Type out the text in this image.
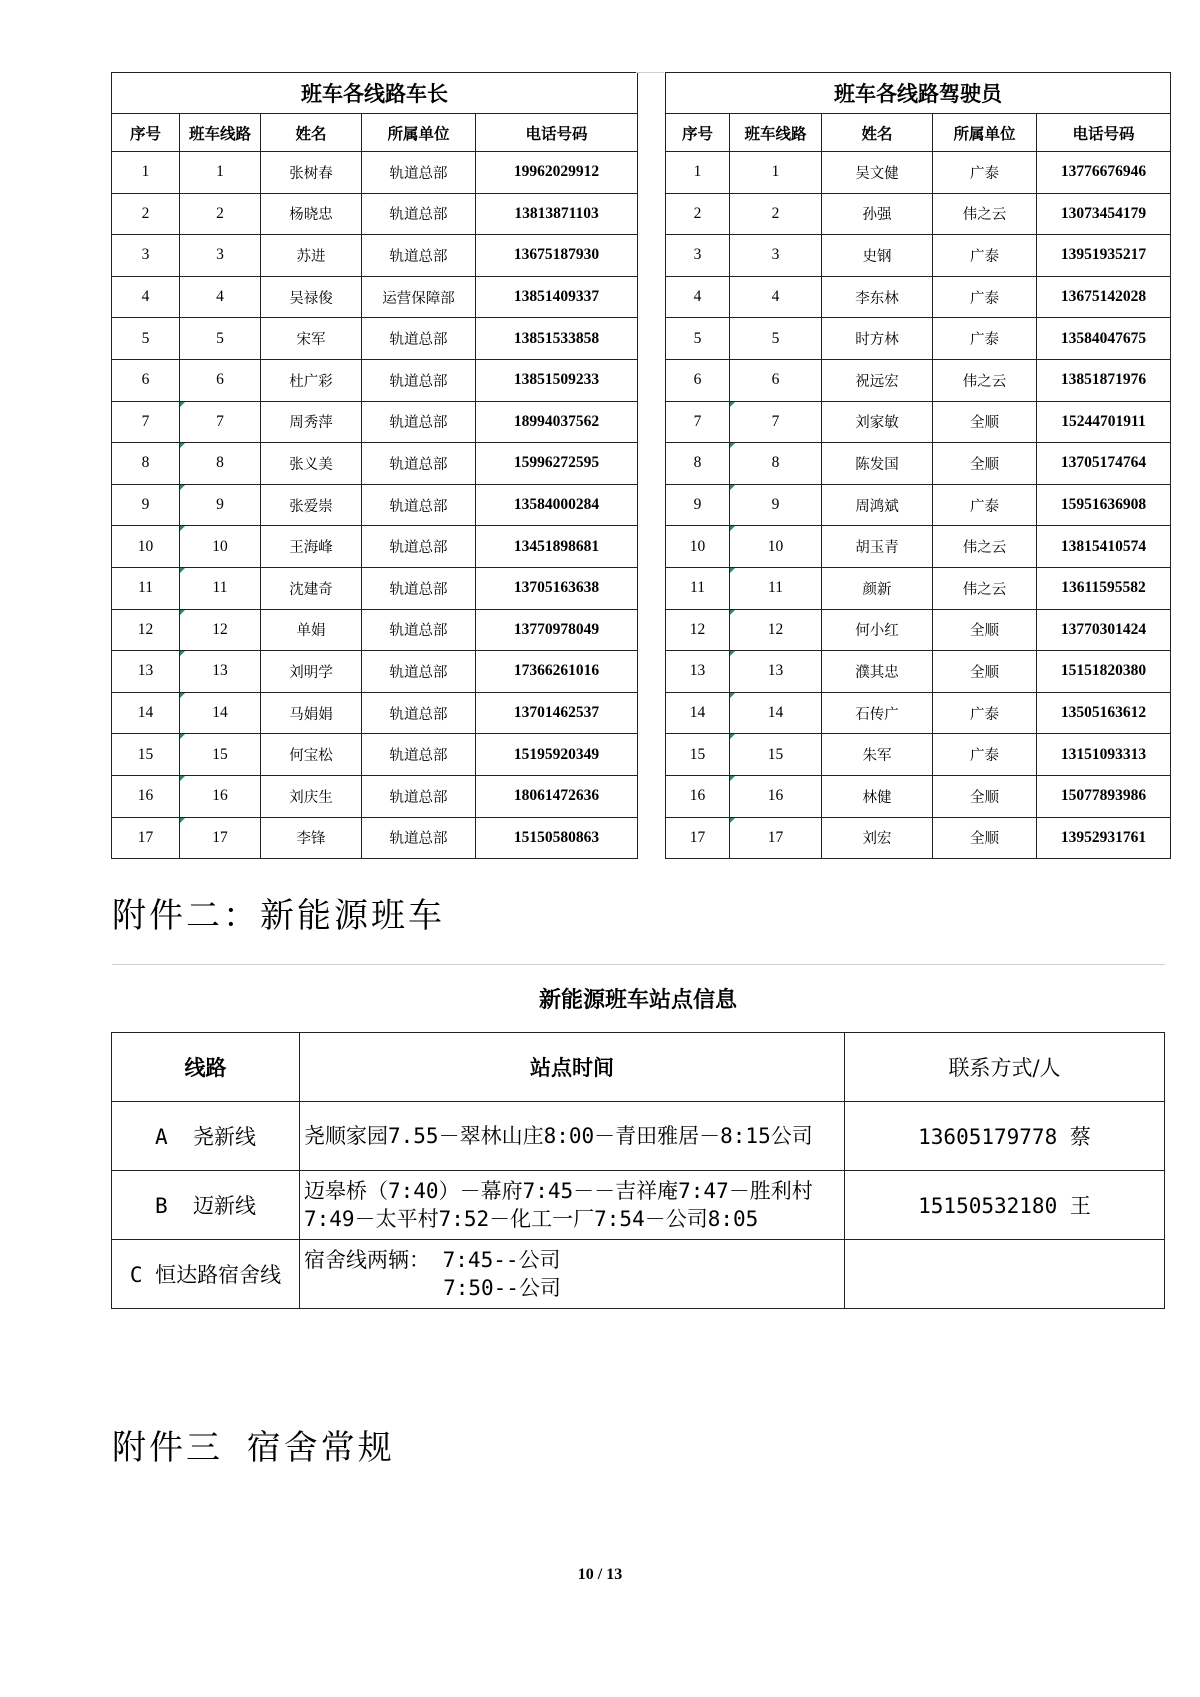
班车各线路车长				
序号	班车线路	姓名	所属单位	电话号码
1	1	张树春	轨道总部	19962029912
2	2	杨晓忠	轨道总部	13813871103
3	3	苏进	轨道总部	13675187930
4	4	吴禄俊	运营保障部	13851409337
5	5	宋军	轨道总部	13851533858
6	6	杜广彩	轨道总部	13851509233
7	7	周秀萍	轨道总部	18994037562
8	8	张义美	轨道总部	15996272595
9	9	张爱崇	轨道总部	13584000284
10	10	王海峰	轨道总部	13451898681
11	11	沈建奇	轨道总部	13705163638
12	12	单娟	轨道总部	13770978049
13	13	刘明学	轨道总部	17366261016
14	14	马娟娟	轨道总部	13701462537
15	15	何宝松	轨道总部	15195920349
16	16	刘庆生	轨道总部	18061472636
17	17	李锋	轨道总部	15150580863
班车各线路驾驶员				
序号	班车线路	姓名	所属单位	电话号码
1	1	吴文健	广泰	13776676946
2	2	孙强	伟之云	13073454179
3	3	史钢	广泰	13951935217
4	4	李东林	广泰	13675142028
5	5	时方林	广泰	13584047675
6	6	祝远宏	伟之云	13851871976
7	7	刘家敏	全顺	15244701911
8	8	陈发国	全顺	13705174764
9	9	周鸿斌	广泰	15951636908
10	10	胡玉青	伟之云	13815410574
11	11	颜新	伟之云	13611595582
12	12	何小红	全顺	13770301424
13	13	濮其忠	全顺	15151820380
14	14	石传广	广泰	13505163612
15	15	朱军	广泰	13151093313
16	16	林健	全顺	15077893986
17	17	刘宏	全顺	13952931761
附件二：新能源班车
新能源班车站点信息		
线路	站点时间	联系方式/人
A  尧新线	尧顺家园7.55－翠林山庄8:00－青田雅居－8:15公司	13605179778 蔡
B  迈新线	迈皋桥（7:40）－幕府7:45－－吉祥庵7:47－胜利村
7:49－太平村7:52－化工一厂7:54－公司8:05	15150532180 王
C 恒达路宿舍线	宿舍线两辆： 7:45--公司
7:50--公司	

附件三 宿舍常规
10 / 13
